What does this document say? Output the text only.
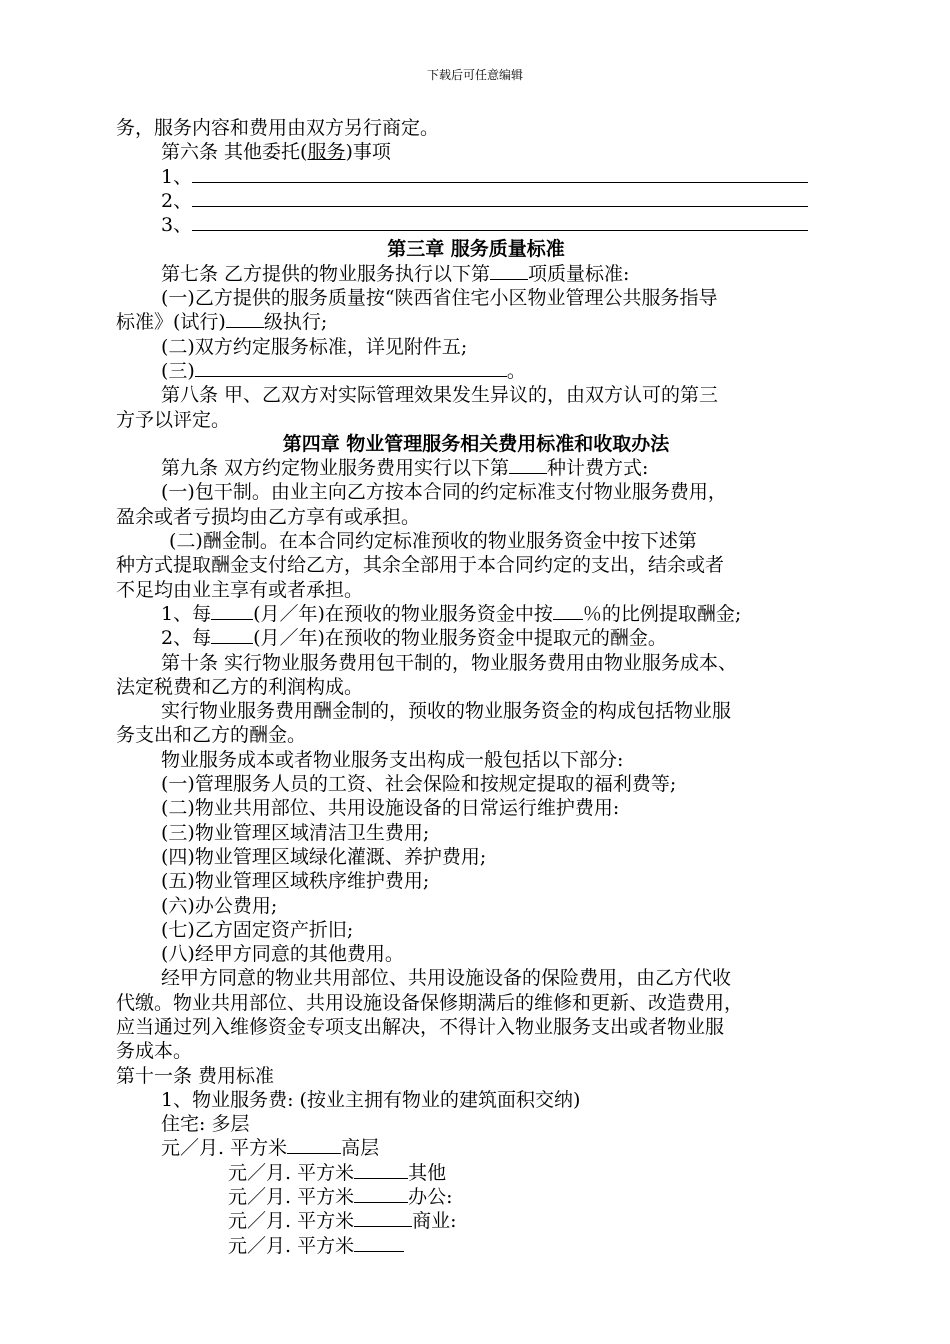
下载后可任意编辑

务，服务内容和费用由双方另行商定。

第六条 其他委托(服务)事项

1、

2、

3、

第三章 服务质量标准

第七条 乙方提供的物业服务执行以下第 项质量标准:

(一)乙方提供的服务质量按“陕西省住宅小区物业管理公共服务指导

标准》(试行) 级执行;

(二)双方约定服务标准，详见附件五;

(三)	。

第八条 甲、乙双方对实际管理效果发生异议的，由双方认可的第三

方予以评定。

第四章 物业管理服务相关费用标准和收取办法

第九条 双方约定物业服务费用实行以下第 种计费方式:

(一)包干制。由业主向乙方按本合同的约定标准支付物业服务费用，

盈余或者亏损均由乙方享有或承担。

(二)酬金制。在本合同约定标准预收的物业服务资金中按下述第

种方式提取酬金支付给乙方，其余全部用于本合同约定的支出，结余或者

不足均由业主享有或者承担。

1、每 (月／年)在预收的物业服务资金中按 ％的比例提取酬金;

2、每 (月／年)在预收的物业服务资金中提取元的酬金。

第十条 实行物业服务费用包干制的，物业服务费用由物业服务成本、

法定税费和乙方的利润构成。

实行物业服务费用酬金制的，预收的物业服务资金的构成包括物业服

务支出和乙方的酬金。

物业服务成本或者物业服务支出构成一般包括以下部分:

(一)管理服务人员的工资、社会保险和按规定提取的福利费等;

(二)物业共用部位、共用设施设备的日常运行维护费用:

(三)物业管理区域清洁卫生费用;

(四)物业管理区域绿化灌溉、养护费用;

(五)物业管理区域秩序维护费用;

(六)办公费用;

(七)乙方固定资产折旧;

(八)经甲方同意的其他费用。

经甲方同意的物业共用部位、共用设施设备的保险费用，由乙方代收

代缴。物业共用部位、共用设施设备保修期满后的维修和更新、改造费用，

应当通过列入维修资金专项支出解决，不得计入物业服务支出或者物业服

务成本。

第十一条 费用标准

1、物业服务费: (按业主拥有物业的建筑面积交纳)

住宅: 多层

元／月. 平方米	高层

元／月. 平方米	其他

元／月. 平方米	办公:

元／月. 平方米	商业:

元／月. 平方米
